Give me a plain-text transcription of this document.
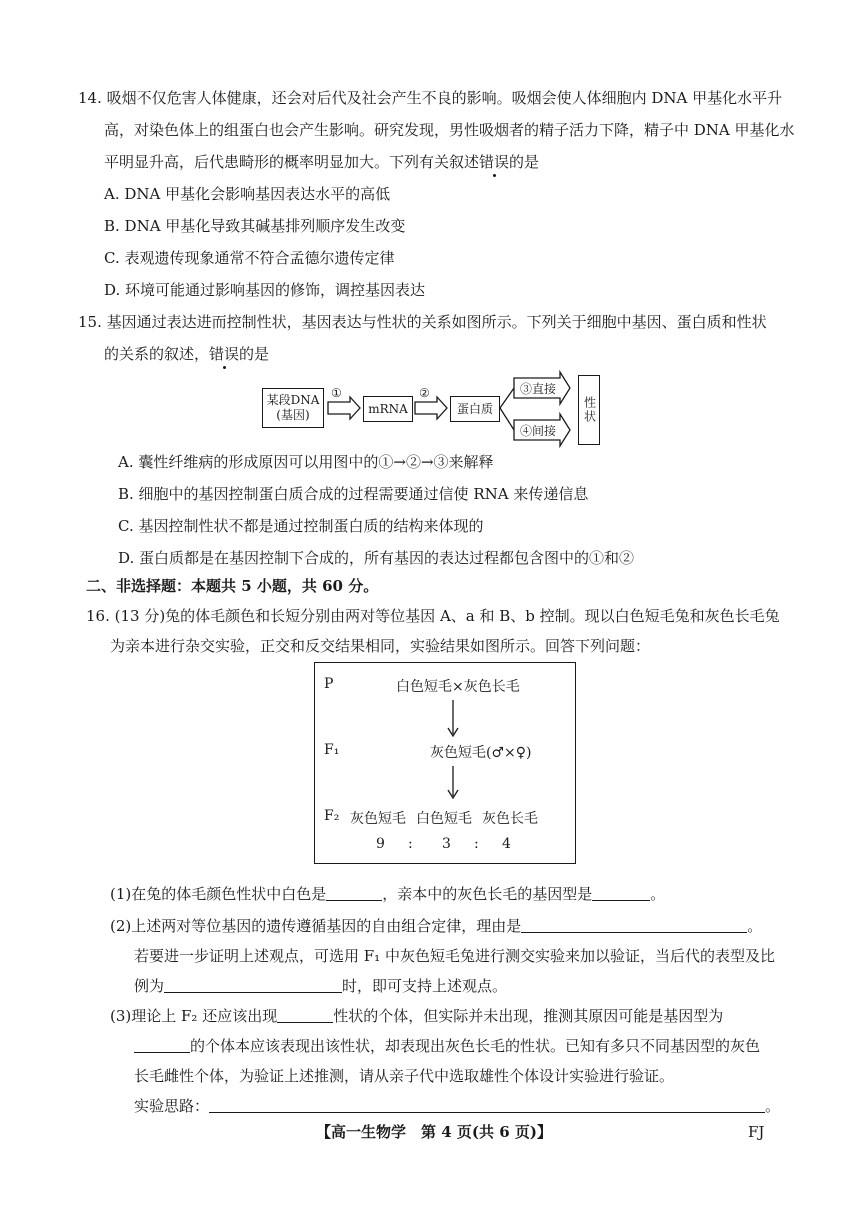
14. 吸烟不仅危害人体健康，还会对后代及社会产生不良的影响。吸烟会使人体细胞内 DNA 甲基化水平升
高，对染色体上的组蛋白也会产生影响。研究发现，男性吸烟者的精子活力下降，精子中 DNA 甲基化水
平明显升高，后代患畸形的概率明显加大。下列有关叙述错误的是
A. DNA 甲基化会影响基因表达水平的高低
B. DNA 甲基化导致其碱基排列顺序发生改变
C. 表观遗传现象通常不符合孟德尔遗传定律
D. 环境可能通过影响基因的修饰，调控基因表达
15. 基因通过表达进而控制性状，基因表达与性状的关系如图所示。下列关于细胞中基因、蛋白质和性状
的关系的叙述，错误的是
某段DNA
(基因)
①
mRNA
②
蛋白质
③直接
④间接
性状
A. 囊性纤维病的形成原因可以用图中的①→②→③来解释
B. 细胞中的基因控制蛋白质合成的过程需要通过信使 RNA 来传递信息
C. 基因控制性状不都是通过控制蛋白质的结构来体现的
D. 蛋白质都是在基因控制下合成的，所有基因的表达过程都包含图中的①和②
二、非选择题：本题共 5 小题，共 60 分。
16. (13 分)兔的体毛颜色和长短分别由两对等位基因 A、a 和 B、b 控制。现以白色短毛兔和灰色长毛兔
为亲本进行杂交实验，正交和反交结果相同，实验结果如图所示。回答下列问题：
P	白色短毛×灰色长毛
F₁	灰色短毛(♂×♀)
F₂ 灰色短毛 白色短毛 灰色长毛
9 : 3 : 4
(1)在兔的体毛颜色性状中白色是	，亲本中的灰色长毛的基因型是	。
(2)上述两对等位基因的遗传遵循基因的自由组合定律，理由是	。
若要进一步证明上述观点，可选用 F₁ 中灰色短毛兔进行测交实验来加以验证，当后代的表型及比
例为	时，即可支持上述观点。
(3)理论上 F₂ 还应该出现	性状的个体，但实际并未出现，推测其原因可能是基因型为
的个体本应该表现出该性状，却表现出灰色长毛的性状。已知有多只不同基因型的灰色
长毛雌性个体，为验证上述推测，请从亲子代中选取雄性个体设计实验进行验证。
实验思路：	。
【高一生物学　第 4 页(共 6 页)】	FJ
